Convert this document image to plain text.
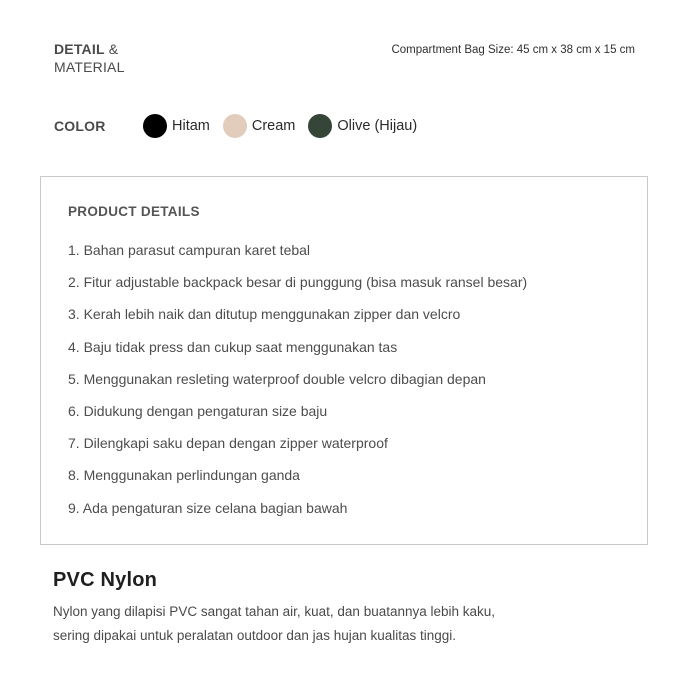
DETAIL &
MATERIAL
Compartment Bag Size: 45 cm x 38 cm x 15 cm
COLOR	Hitam	Cream	Olive (Hijau)
PRODUCT DETAILS
1. Bahan parasut campuran karet tebal
2. Fitur adjustable backpack besar di punggung (bisa masuk ransel besar)
3. Kerah lebih naik dan ditutup menggunakan zipper dan velcro
4. Baju tidak press dan cukup saat menggunakan tas
5. Menggunakan resleting waterproof double velcro dibagian depan
6. Didukung dengan pengaturan size baju
7. Dilengkapi saku depan dengan zipper waterproof
8. Menggunakan perlindungan ganda
9. Ada pengaturan size celana bagian bawah
PVC Nylon
Nylon yang dilapisi PVC sangat tahan air, kuat, dan buatannya lebih kaku,
sering dipakai untuk peralatan outdoor dan jas hujan kualitas tinggi.
